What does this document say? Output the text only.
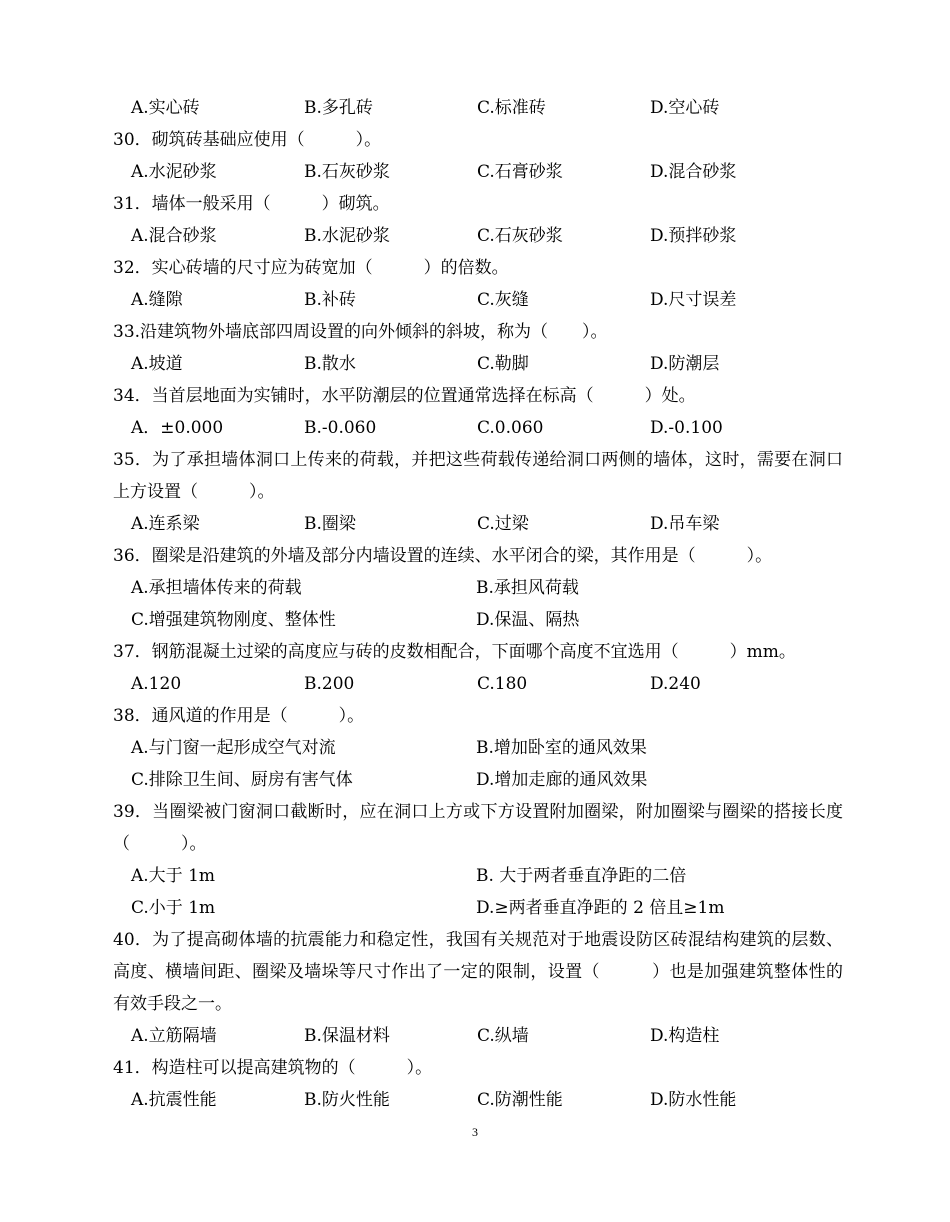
A.实心砖	B.多孔砖	C.标准砖	D.空心砖
30．砌筑砖基础应使用（　　　）。
A.水泥砂浆	B.石灰砂浆	C.石膏砂浆	D.混合砂浆
31．墙体一般采用（　　　）砌筑。
A.混合砂浆	B.水泥砂浆	C.石灰砂浆	D.预拌砂浆
32．实心砖墙的尺寸应为砖宽加（　　　）的倍数。
A.缝隙	B.补砖	C.灰缝	D.尺寸误差
33.沿建筑物外墙底部四周设置的向外倾斜的斜坡，称为（　　）。
A.坡道	B.散水	C.勒脚	D.防潮层
34．当首层地面为实铺时，水平防潮层的位置通常选择在标高（　　　）处。
A．±0.000	B.-0.060	C.0.060	D.-0.100
35．为了承担墙体洞口上传来的荷载，并把这些荷载传递给洞口两侧的墙体，这时，需要在洞口上方设置（　　　）。
A.连系梁	B.圈梁	C.过梁	D.吊车梁
36．圈梁是沿建筑的外墙及部分内墙设置的连续、水平闭合的梁，其作用是（　　　）。
A.承担墙体传来的荷载	B.承担风荷载
C.增强建筑物刚度、整体性	D.保温、隔热
37．钢筋混凝土过梁的高度应与砖的皮数相配合，下面哪个高度不宜选用（　　　）mm。
A.120	B.200	C.180	D.240
38．通风道的作用是（　　　）。
A.与门窗一起形成空气对流	B.增加卧室的通风效果
C.排除卫生间、厨房有害气体	D.增加走廊的通风效果
39．当圈梁被门窗洞口截断时，应在洞口上方或下方设置附加圈梁，附加圈梁与圈梁的搭接长度（　　　）。
A.大于 1m	B. 大于两者垂直净距的二倍
C.小于 1m	D.≥两者垂直净距的 2 倍且≥1m
40．为了提高砌体墙的抗震能力和稳定性，我国有关规范对于地震设防区砖混结构建筑的层数、高度、横墙间距、圈梁及墙垛等尺寸作出了一定的限制，设置（　　　）也是加强建筑整体性的有效手段之一。
A.立筋隔墙	B.保温材料	C.纵墙	D.构造柱
41．构造柱可以提高建筑物的（　　　）。
A.抗震性能	B.防火性能	C.防潮性能	D.防水性能
3
